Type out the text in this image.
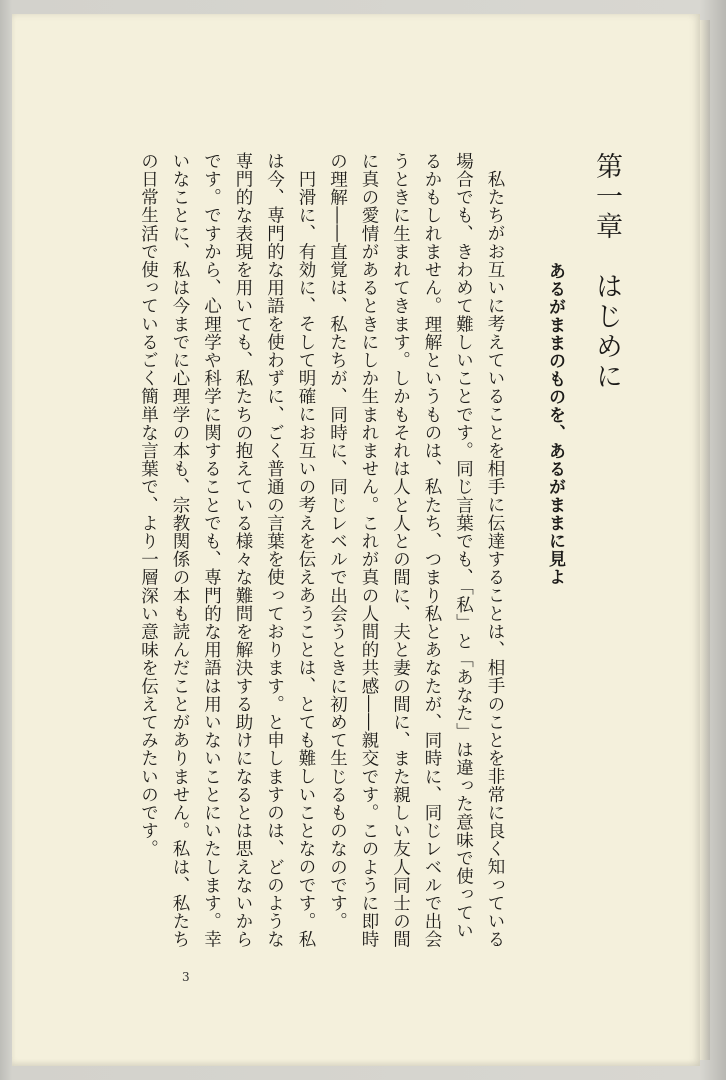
第一章　はじめに

あるがままのものを、あるがままに見よ

私たちがお互いに考えていることを相手に伝達することは、相手のことを非常に良く知っている場合でも、きわめて難しいことです。同じ言葉でも、「私」と「あなた」は違った意味で使っているかもしれません。理解というものは、私たち、つまり私とあなたが、同時に、同じレベルで出会うときに生まれてきます。しかもそれは人と人との間に、夫と妻の間に、また親しい友人同士の間に真の愛情があるときにしか生まれません。これが真の人間的共感――親交です。このように即時の理解――直覚は、私たちが、同時に、同じレベルで出会うときに初めて生じるものなのです。

円滑に、有効に、そして明確にお互いの考えを伝えあうことは、とても難しいことなのです。私は今、専門的な用語を使わずに、ごく普通の言葉を使っております。と申しますのは、どのような専門的な表現を用いても、私たちの抱えている様々な難問を解決する助けになるとは思えないからです。ですから、心理学や科学に関することでも、専門的な用語は用いないことにいたします。幸いなことに、私は今までに心理学の本も、宗教関係の本も読んだことがありません。私は、私たちの日常生活で使っているごく簡単な言葉で、より一層深い意味を伝えてみたいのです。

3
